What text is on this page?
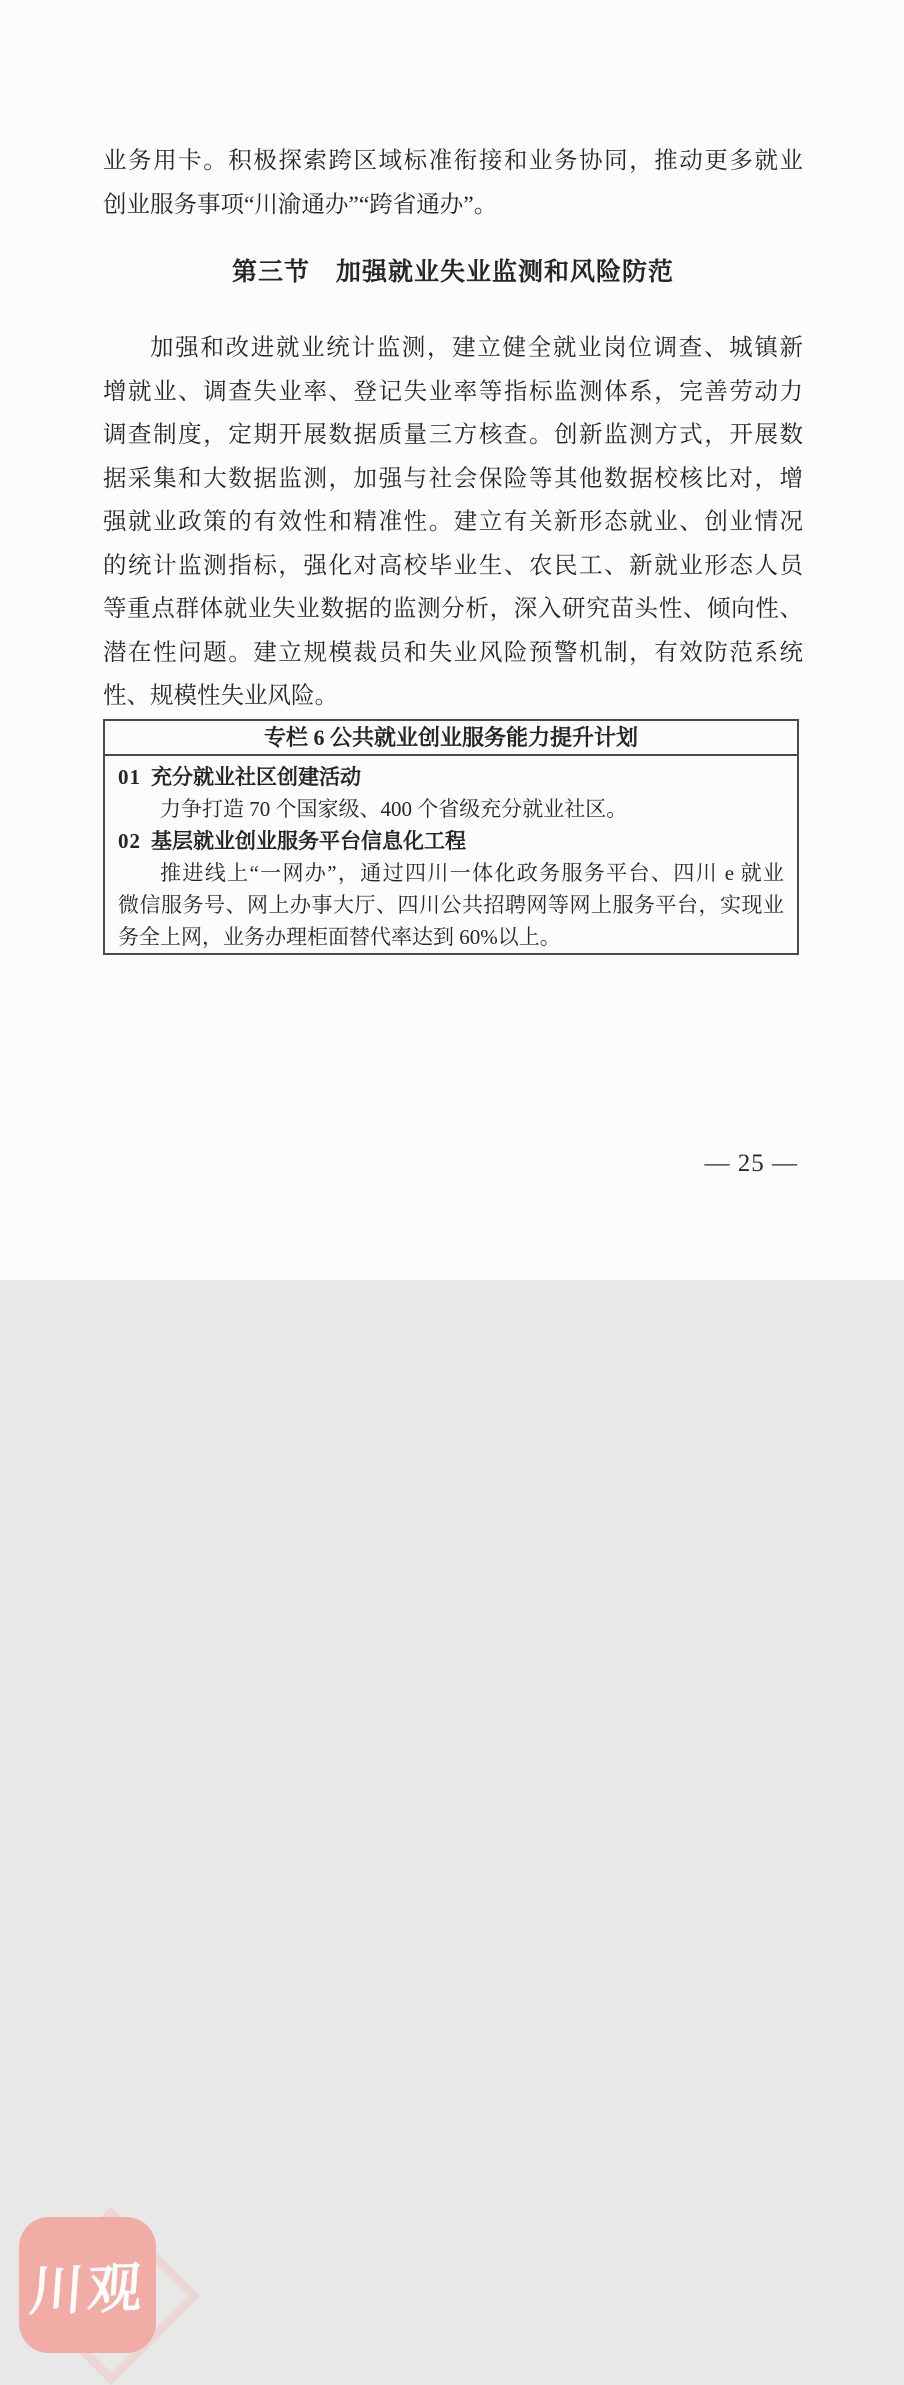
业务用卡。积极探索跨区域标准衔接和业务协同，推动更多就业
创业服务事项“川渝通办”“跨省通办”。
第三节　加强就业失业监测和风险防范
加强和改进就业统计监测，建立健全就业岗位调查、城镇新
增就业、调查失业率、登记失业率等指标监测体系，完善劳动力
调查制度，定期开展数据质量三方核查。创新监测方式，开展数
据采集和大数据监测，加强与社会保险等其他数据校核比对，增
强就业政策的有效性和精准性。建立有关新形态就业、创业情况
的统计监测指标，强化对高校毕业生、农民工、新就业形态人员
等重点群体就业失业数据的监测分析，深入研究苗头性、倾向性、
潜在性问题。建立规模裁员和失业风险预警机制，有效防范系统
性、规模性失业风险。
专栏 6 公共就业创业服务能力提升计划
01 充分就业社区创建活动
力争打造 70 个国家级、400 个省级充分就业社区。
02 基层就业创业服务平台信息化工程
推进线上“一网办”，通过四川一体化政务服务平台、四川 e 就业
微信服务号、网上办事大厅、四川公共招聘网等网上服务平台，实现业
务全上网，业务办理柜面替代率达到 60%以上。
— 25 —
川观
